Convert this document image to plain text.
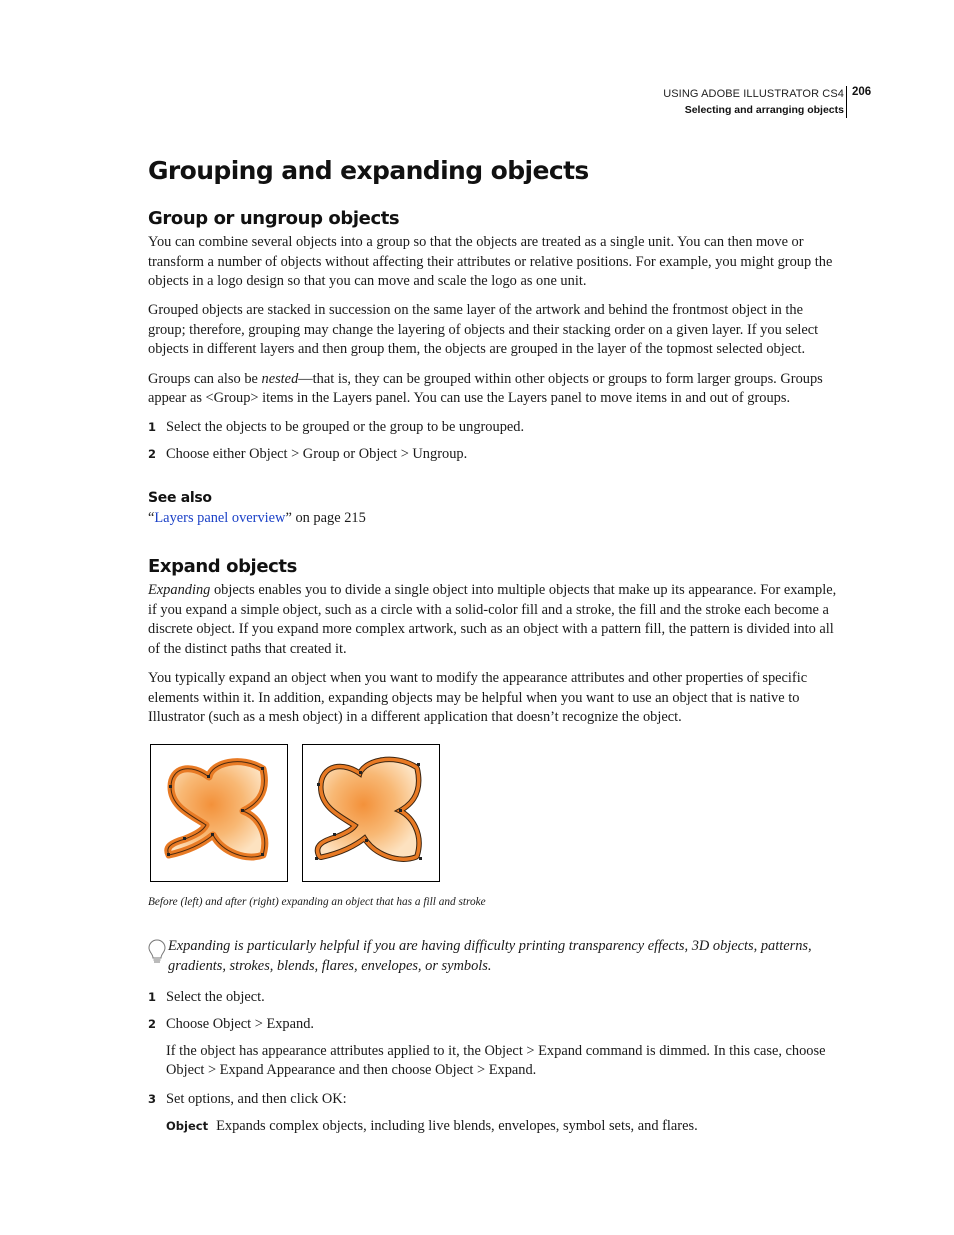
USING ADOBE ILLUSTRATOR CS4
Selecting and arranging objects
206
Grouping and expanding objects
Group or ungroup objects

You can combine several objects into a group so that the objects are treated as a single unit. You can then move or transform a number of objects without affecting their attributes or relative positions. For example, you might group the objects in a logo design so that you can move and scale the logo as one unit.

Grouped objects are stacked in succession on the same layer of the artwork and behind the frontmost object in the group; therefore, grouping may change the layering of objects and their stacking order on a given layer. If you select objects in different layers and then group them, the objects are grouped in the layer of the topmost selected object.

Groups can also be nested—that is, they can be grouped within other objects or groups to form larger groups. Groups appear as <Group> items in the Layers panel. You can use the Layers panel to move items in and out of groups.

1 Select the objects to be grouped or the group to be ungrouped.
2 Choose either Object > Group or Object > Ungroup.
See also

“Layers panel overview” on page 215

Expand objects

Expanding objects enables you to divide a single object into multiple objects that make up its appearance. For example, if you expand a simple object, such as a circle with a solid-color fill and a stroke, the fill and the stroke each become a discrete object. If you expand more complex artwork, such as an object with a pattern fill, the pattern is divided into all of the distinct paths that created it.

You typically expand an object when you want to modify the appearance attributes and other properties of specific elements within it. In addition, expanding objects may be helpful when you want to use an object that is native to Illustrator (such as a mesh object) in a different application that doesn’t recognize the object.

Before (left) and after (right) expanding an object that has a fill and stroke

Expanding is particularly helpful if you are having difficulty printing transparency effects, 3D objects, patterns, gradients, strokes, blends, flares, envelopes, or symbols.
1 Select the object.
2 Choose Object > Expand.
If the object has appearance attributes applied to it, the Object > Expand command is dimmed. In this case, choose Object > Expand Appearance and then choose Object > Expand.
3 Set options, and then click OK:
Object Expands complex objects, including live blends, envelopes, symbol sets, and flares.
